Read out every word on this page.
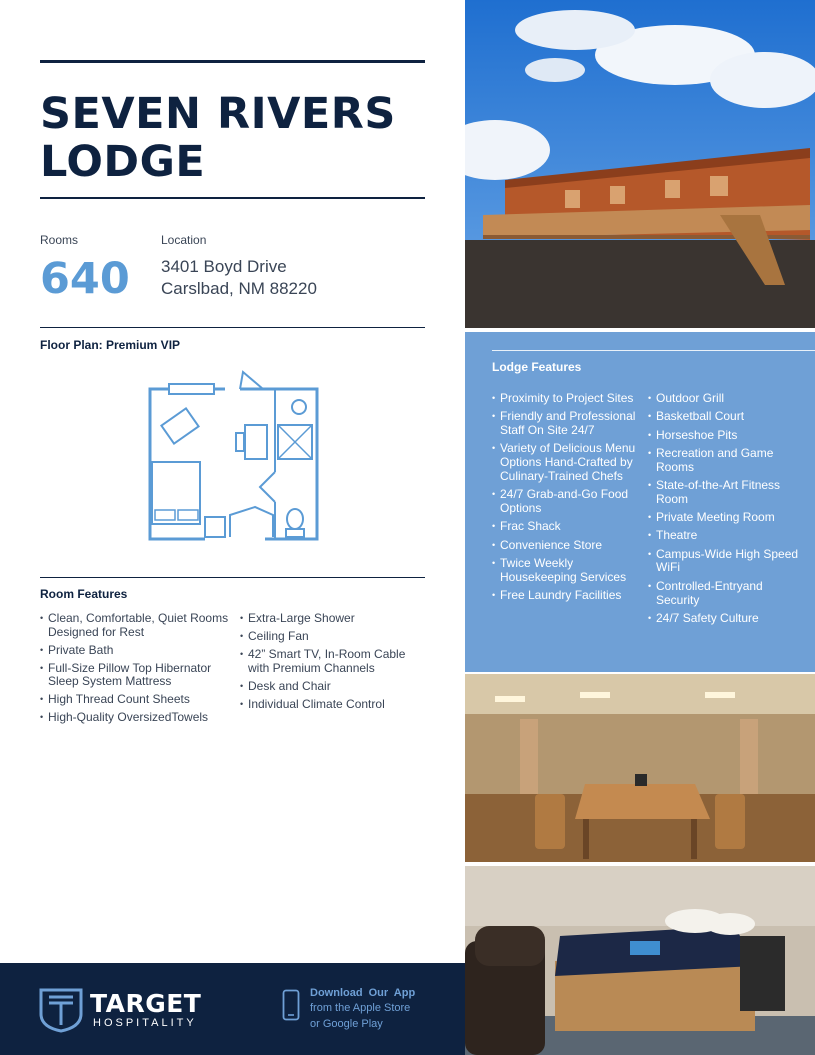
SEVEN RIVERS
LODGE
Rooms
640
Location
3401 Boyd Drive
Carslbad, NM 88220
Floor Plan: Premium VIP
Room Features
• Clean, Comfortable, Quiet Rooms Designed for Rest
• Private Bath
• Full-Size Pillow Top Hibernator Sleep System Mattress
• High Thread Count Sheets
• High-Quality OversizedTowels
• Extra-Large Shower
• Ceiling Fan
• 42” Smart TV, In-Room Cable with Premium Channels
• Desk and Chair
• Individual Climate Control
Lodge Features
• Proximity to Project Sites
• Friendly and Professional Staff On Site 24/7
• Variety of Delicious Menu Options Hand-Crafted by Culinary-Trained Chefs
• 24/7 Grab-and-Go Food Options
• Frac Shack
• Convenience Store
• Twice Weekly Housekeeping Services
• Free Laundry Facilities
• Outdoor Grill
• Basketball Court
• Horseshoe Pits
• Recreation and Game Rooms
• State-of-the-Art Fitness Room
• Private Meeting Room
• Theatre
• Campus-Wide High Speed WiFi
• Controlled-Entryand Security
• 24/7 Safety Culture
TARGET
HOSPITALITY
Download Our App
from the Apple Store
or Google Play
